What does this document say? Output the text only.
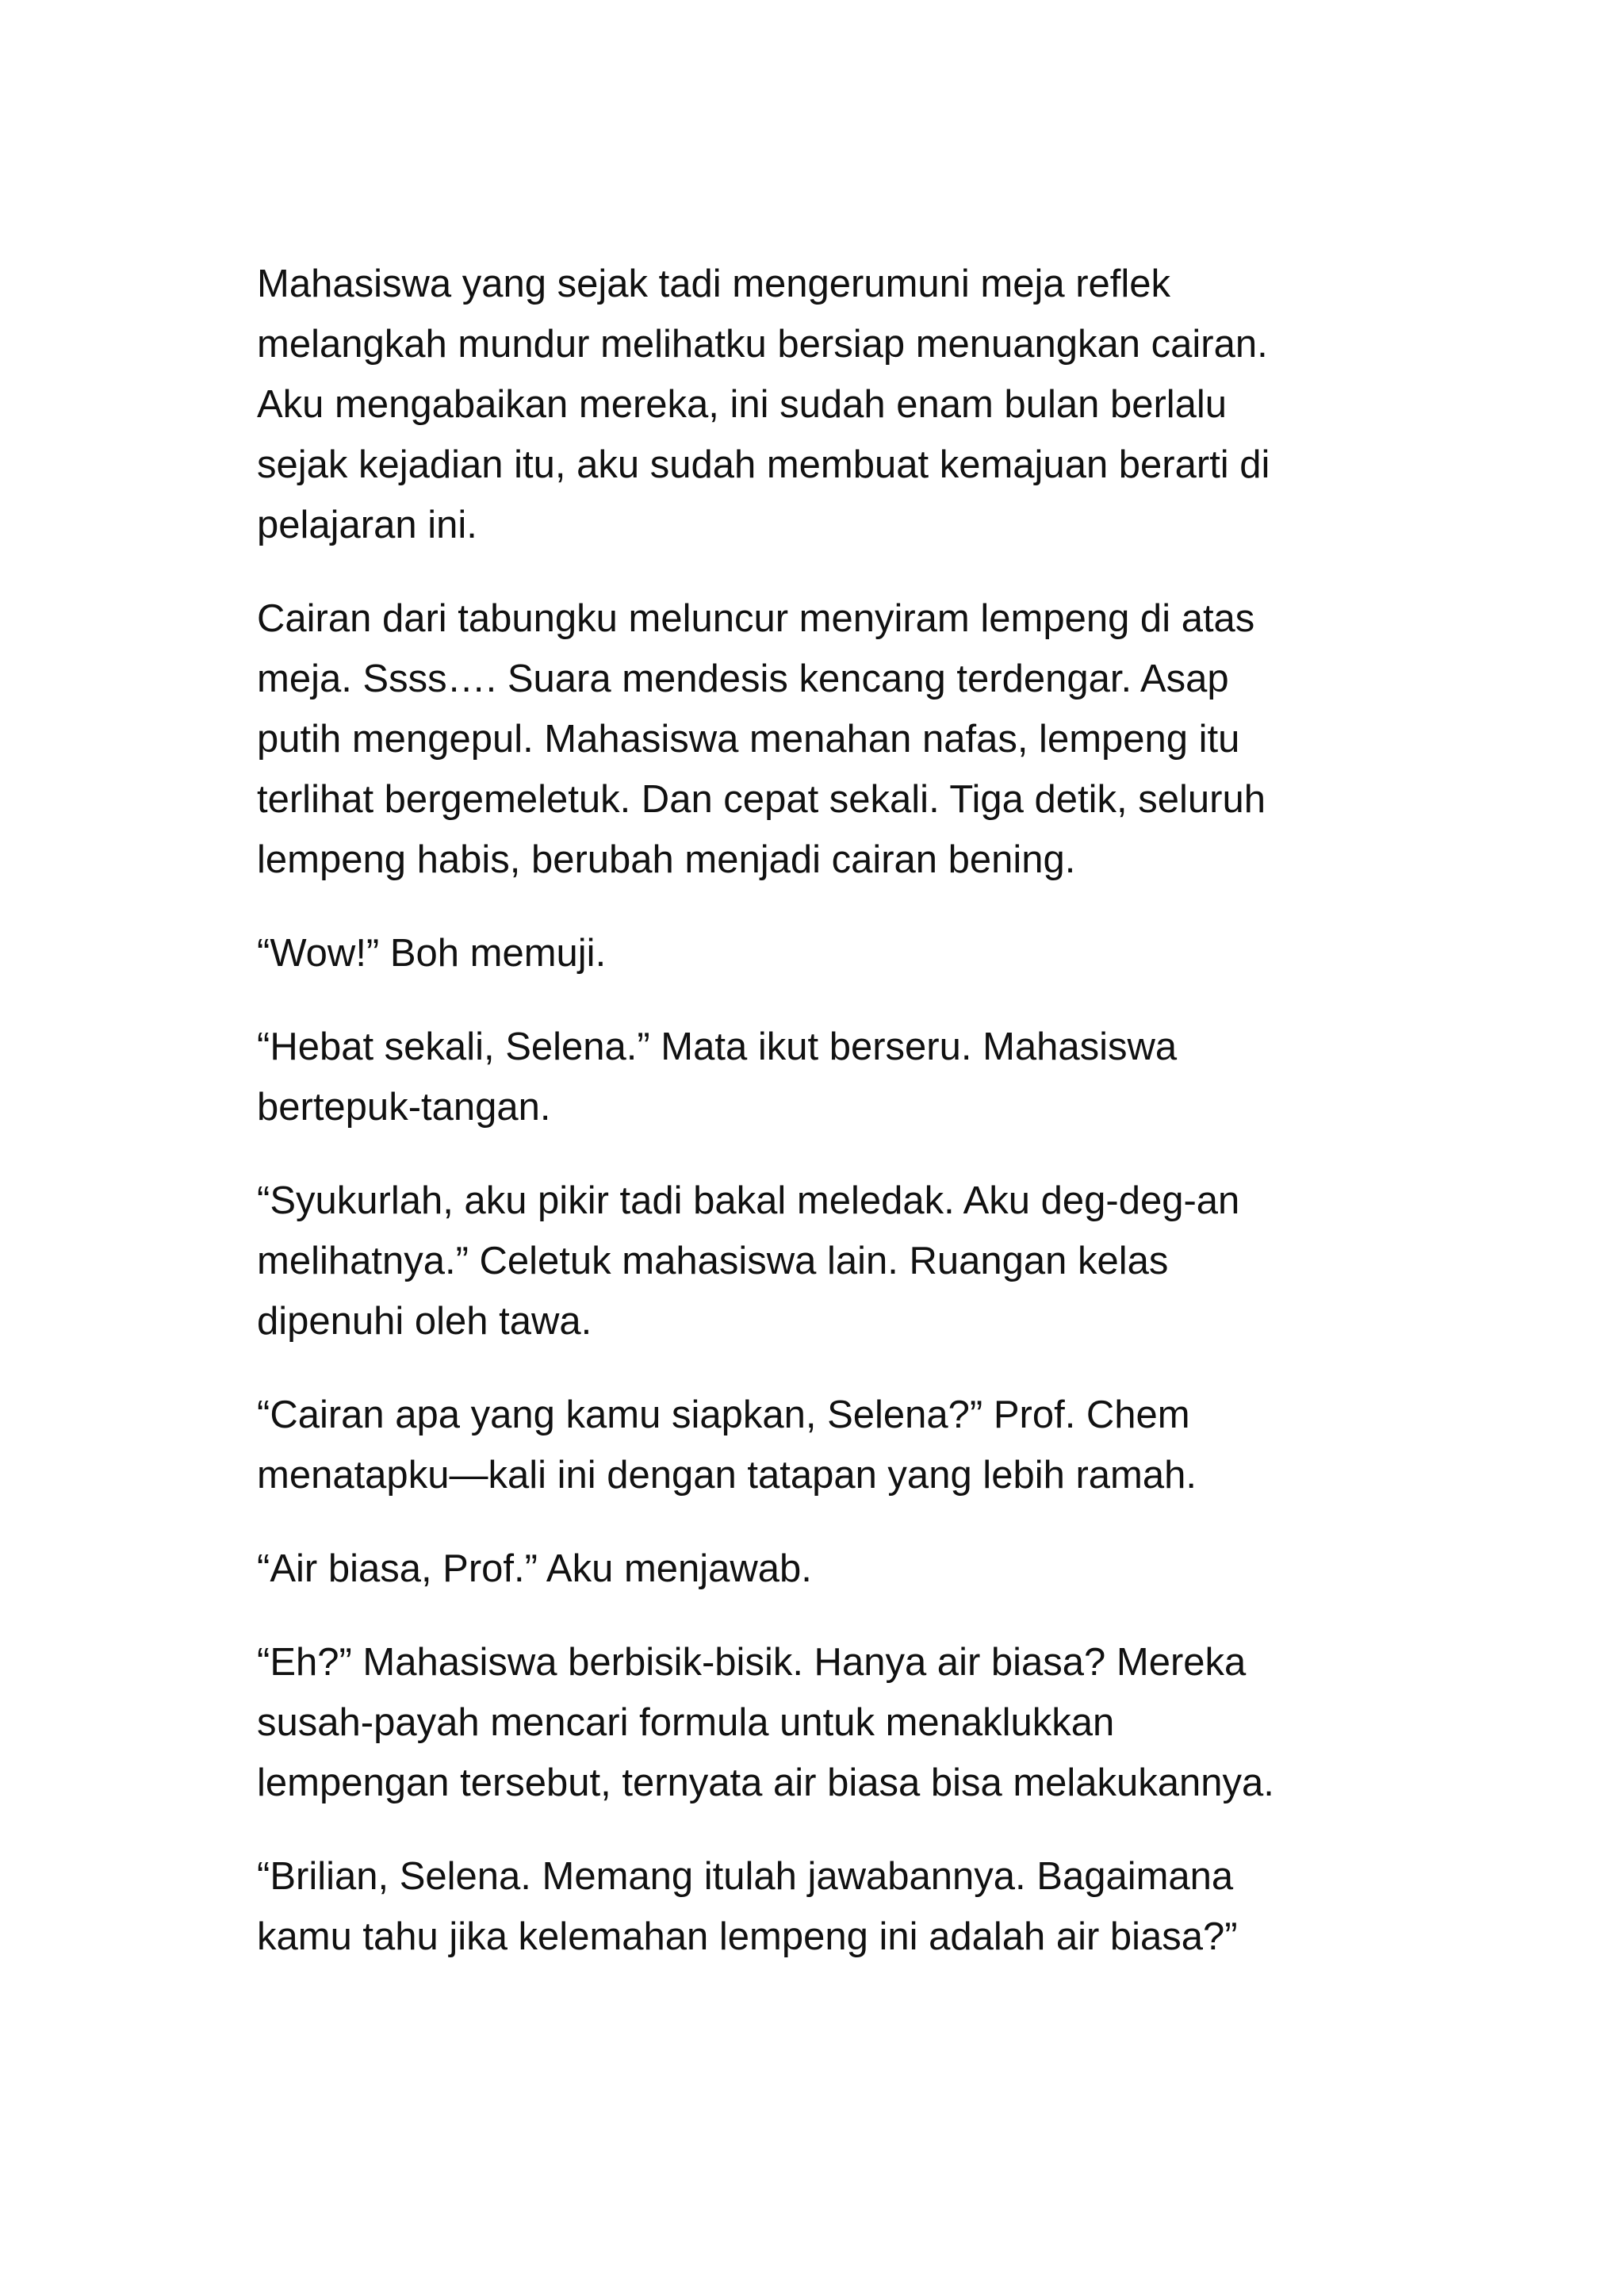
Mahasiswa yang sejak tadi mengerumuni meja reflek
melangkah mundur melihatku bersiap menuangkan cairan.
Aku mengabaikan mereka, ini sudah enam bulan berlalu
sejak kejadian itu, aku sudah membuat kemajuan berarti di
pelajaran ini.

Cairan dari tabungku meluncur menyiram lempeng di atas
meja. Ssss…. Suara mendesis kencang terdengar. Asap
putih mengepul. Mahasiswa menahan nafas, lempeng itu
terlihat bergemeletuk. Dan cepat sekali. Tiga detik, seluruh
lempeng habis, berubah menjadi cairan bening.

“Wow!” Boh memuji.

“Hebat sekali, Selena.” Mata ikut berseru. Mahasiswa
bertepuk-tangan.

“Syukurlah, aku pikir tadi bakal meledak. Aku deg-deg-an
melihatnya.” Celetuk mahasiswa lain. Ruangan kelas
dipenuhi oleh tawa.

“Cairan apa yang kamu siapkan, Selena?” Prof. Chem
menatapku—kali ini dengan tatapan yang lebih ramah.

“Air biasa, Prof.” Aku menjawab.

“Eh?” Mahasiswa berbisik-bisik. Hanya air biasa? Mereka
susah-payah mencari formula untuk menaklukkan
lempengan tersebut, ternyata air biasa bisa melakukannya.

“Brilian, Selena. Memang itulah jawabannya. Bagaimana
kamu tahu jika kelemahan lempeng ini adalah air biasa?”
